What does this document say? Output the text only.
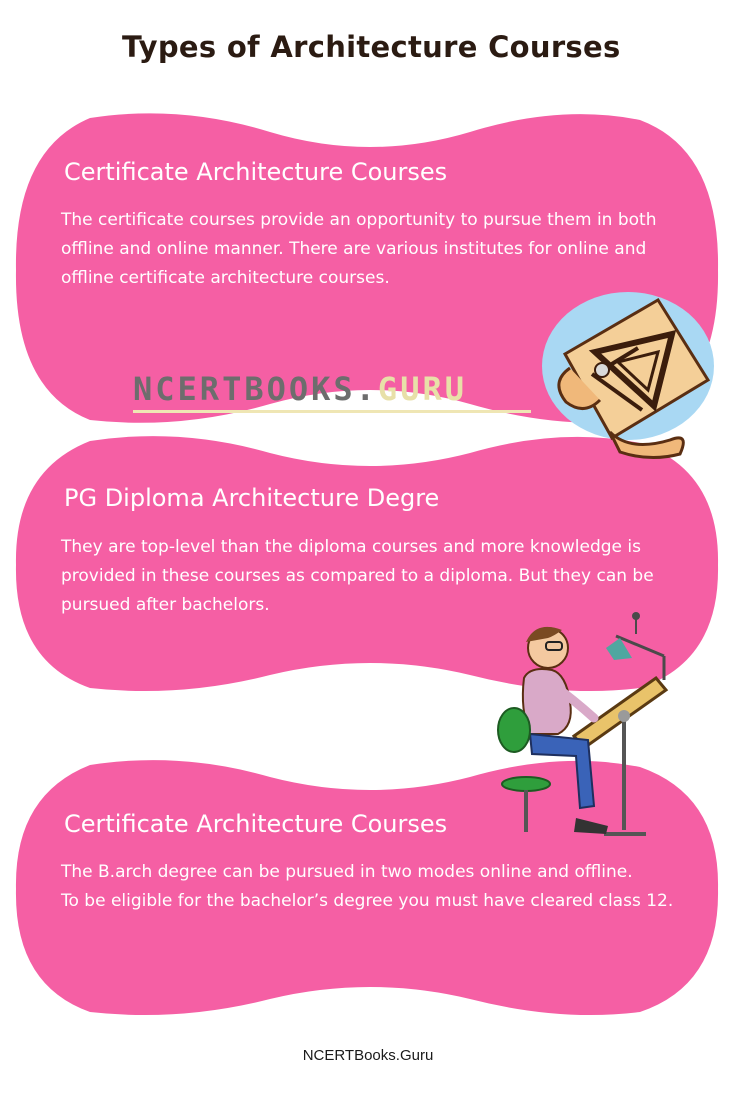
Types of Architecture Courses
Certificate Architecture Courses
The certificate courses provide an opportunity to pursue them in both
offline and online manner. There are various institutes for online and
offline certificate architecture courses.
NCERTBOOKS.GURU
PG Diploma Architecture Degre
They are top-level than the diploma courses and more knowledge is
provided in these courses as compared to a diploma. But they can be
pursued after bachelors.
Certificate Architecture Courses
The B.arch degree can be pursued in two modes online and offline.
To be eligible for the bachelor’s degree you must have cleared class 12.
NCERTBooks.Guru
